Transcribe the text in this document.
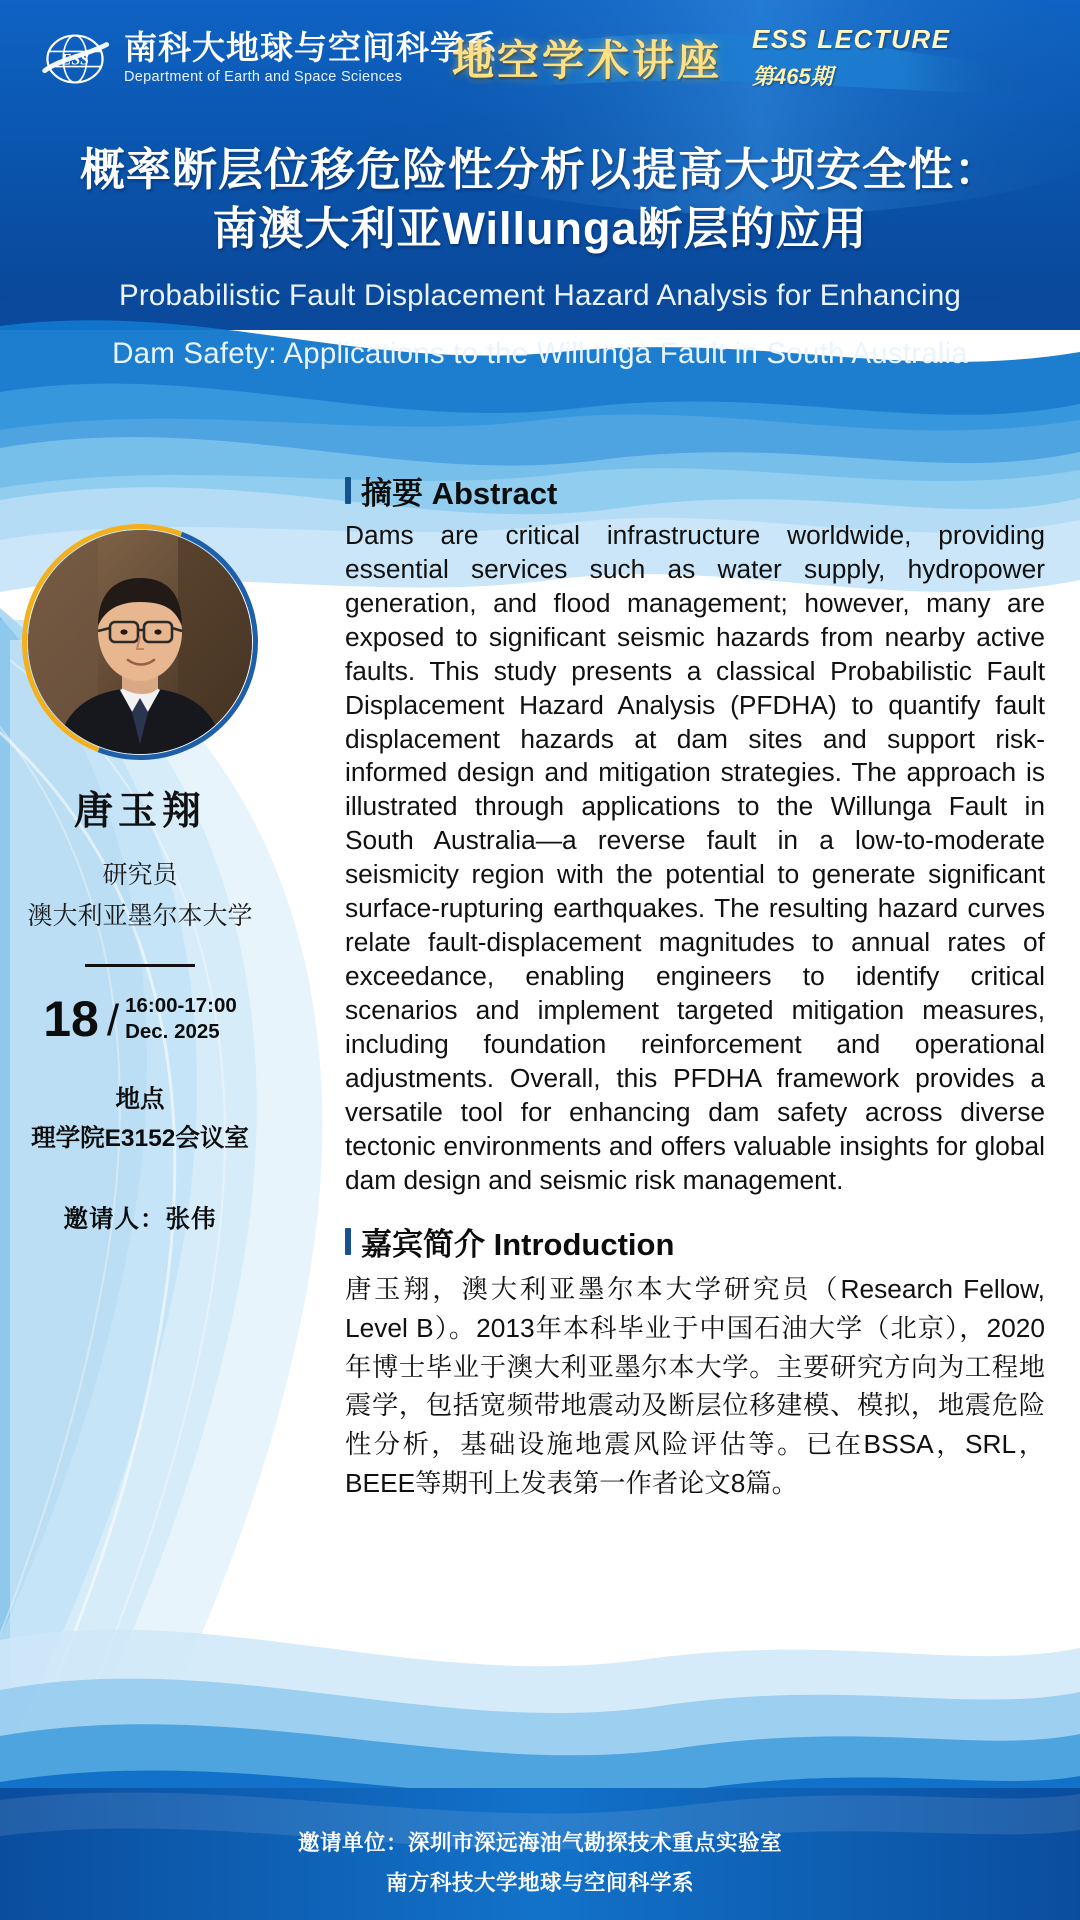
ESS 南科大地球与空间科学系
Department of Earth and Space Sciences	地空学术讲座 ESS LECTURE
第465期
概率断层位移危险性分析以提高大坝安全性：
南澳大利亚Willunga断层的应用
Probabilistic Fault Displacement Hazard Analysis for Enhancing
Dam Safety: Applications to the Willunga Fault in South Australia
唐玉翔
研究员
澳大利亚墨尔本大学
18 / 16:00-17:00
Dec. 2025
地点
理学院E3152会议室
邀请人：张伟
摘要 Abstract
Dams are critical infrastructure worldwide, providing essential services such as water supply, hydropower generation, and flood management; however, many are exposed to significant seismic hazards from nearby active faults. This study presents a classical Probabilistic Fault Displacement Hazard Analysis (PFDHA) to quantify fault displacement hazards at dam sites and support risk-informed design and mitigation strategies. The approach is illustrated through applications to the Willunga Fault in South Australia—a reverse fault in a low-to-moderate seismicity region with the potential to generate significant surface-rupturing earthquakes. The resulting hazard curves relate fault-displacement magnitudes to annual rates of exceedance, enabling engineers to identify critical scenarios and implement targeted mitigation measures, including foundation reinforcement and operational adjustments. Overall, this PFDHA framework provides a versatile tool for enhancing dam safety across diverse tectonic environments and offers valuable insights for global dam design and seismic risk management.
嘉宾简介 Introduction
唐玉翔，澳大利亚墨尔本大学研究员（Research Fellow, Level B）。2013年本科毕业于中国石油大学（北京），2020年博士毕业于澳大利亚墨尔本大学。主要研究方向为工程地震学，包括宽频带地震动及断层位移建模、模拟，地震危险性分析，基础设施地震风险评估等。已在BSSA，SRL，BEEE等期刊上发表第一作者论文8篇。
邀请单位：深圳市深远海油气勘探技术重点实验室
南方科技大学地球与空间科学系
